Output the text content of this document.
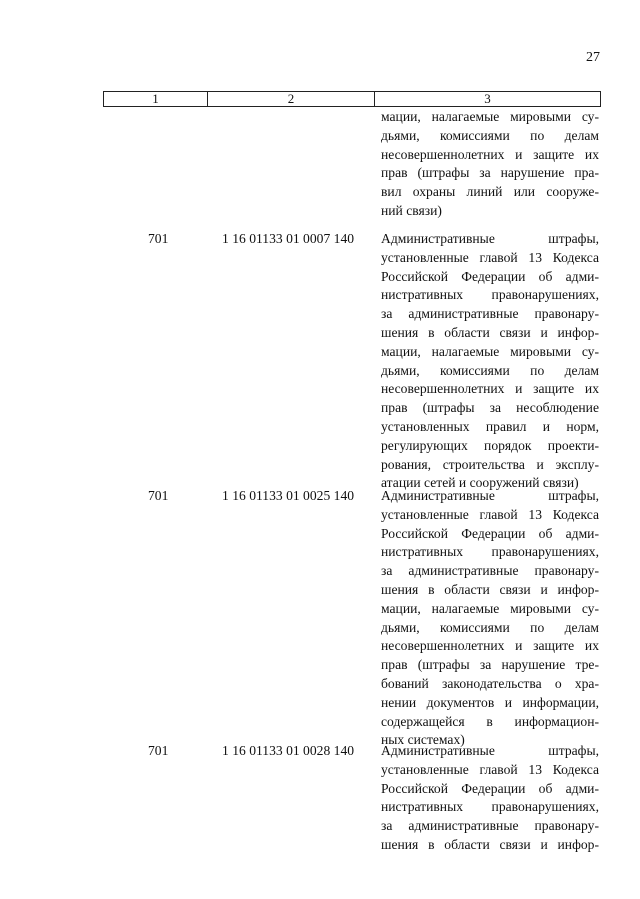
27
1	2	3
мации, налагаемые мировыми су-
дьями, комиссиями по делам
несовершеннолетних и защите их
прав (штрафы за нарушение пра-
вил охраны линий или сооруже-
ний связи)
701	1 16 01133 01 0007 140 Административные штрафы,
установленные главой 13 Кодекса
Российской Федерации об адми-
нистративных правонарушениях,
за административные правонару-
шения в области связи и инфор-
мации, налагаемые мировыми су-
дьями, комиссиями по делам
несовершеннолетних и защите их
прав (штрафы за несоблюдение
установленных правил и норм,
регулирующих порядок проекти-
рования, строительства и эксплу-
атации сетей и сооружений связи)
701	1 16 01133 01 0025 140 Административные штрафы,
установленные главой 13 Кодекса
Российской Федерации об адми-
нистративных правонарушениях,
за административные правонару-
шения в области связи и инфор-
мации, налагаемые мировыми су-
дьями, комиссиями по делам
несовершеннолетних и защите их
прав (штрафы за нарушение тре-
бований законодательства о хра-
нении документов и информации,
содержащейся в информацион-
ных системах)
701	1 16 01133 01 0028 140 Административные штрафы,
установленные главой 13 Кодекса
Российской Федерации об адми-
нистративных правонарушениях,
за административные правонару-
шения в области связи и инфор-
